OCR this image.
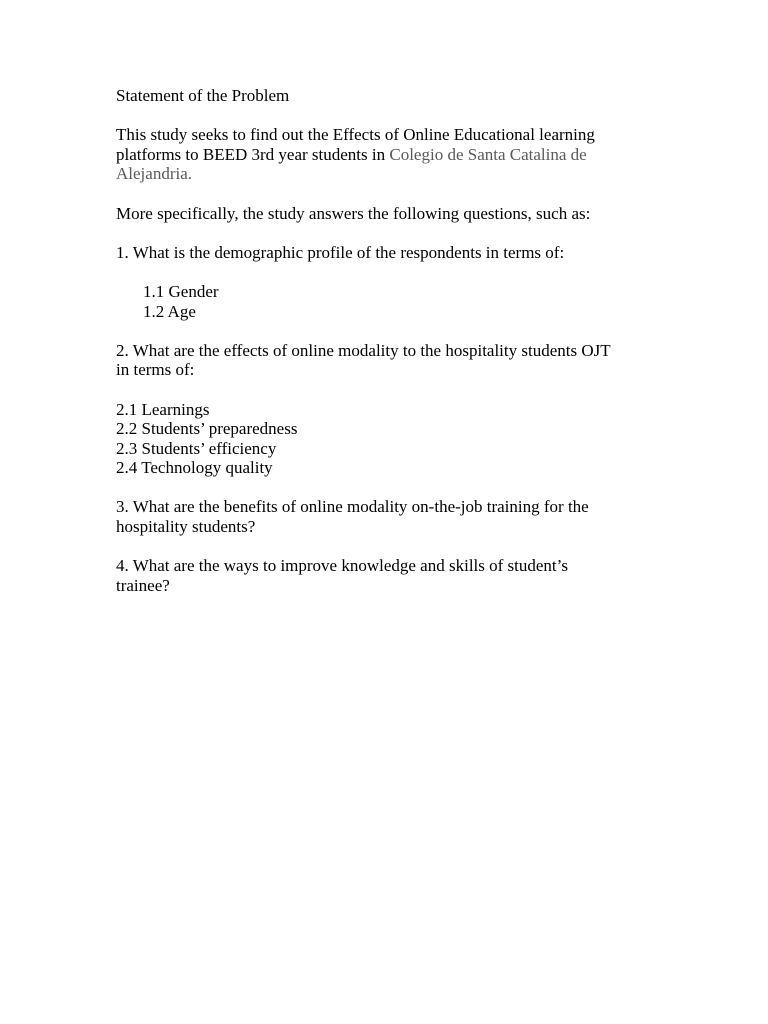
Statement of the Problem
This study seeks to find out the Effects of Online Educational learning
platforms to BEED 3rd year students in Colegio de Santa Catalina de
Alejandria.
More specifically, the study answers the following questions, such as:
1. What is the demographic profile of the respondents in terms of:
1.1 Gender
1.2 Age
2. What are the effects of online modality to the hospitality students OJT
in terms of:
2.1 Learnings
2.2 Students’ preparedness
2.3 Students’ efficiency
2.4 Technology quality
3. What are the benefits of online modality on-the-job training for the
hospitality students?
4. What are the ways to improve knowledge and skills of student’s
trainee?
